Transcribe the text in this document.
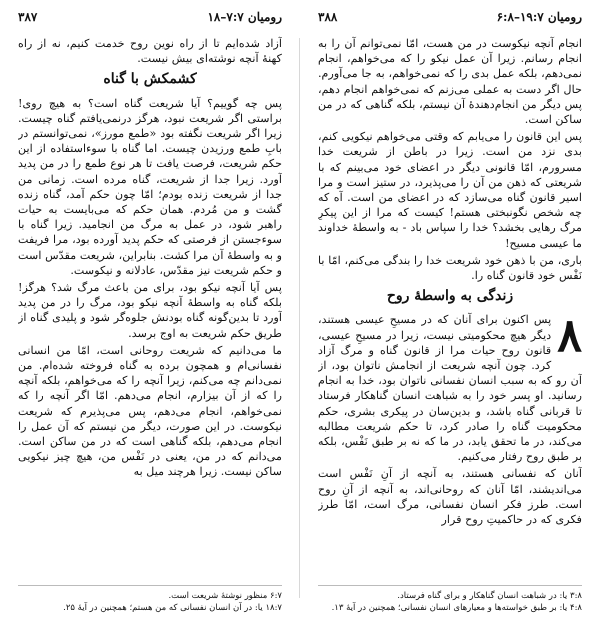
رومیان ۷:۷–۱۸
۳۸۷

آزاد شده‌ایم تا از راه نوین روح خدمت کنیم، نه از راه کهنهٔ آنچه نوشته‌ای بیش نیست.

کشمکش با گناه

پس چه گوییم؟ آیا شریعت گناه است؟ به هیچ روی! براستی اگر شریعت نبود، هرگز درنمی‌یافتم گناه چیست. زیرا اگر شریعت نگفته بود «طمع مورز»، نمی‌توانستم در بابِ طمع ورزیدن چیست. اما گناه با سوءاستفاده از این حکم شریعت، فرصت یافت تا هر نوع طمع را در من پدید آورد. زیرا جدا از شریعت، گناه مرده است. زمانی من جدا از شریعت زنده بودم؛ امّا چون حکم آمد، گناه زنده گشت و من مُردم. همان حکم که می‌بایست به حیات راهبر شود، در عمل به مرگ من انجامید. زیرا گناه با سوءجستن از فرصتی که حکم پدید آورده بود، مرا فریفت و به واسطهٔ آن مرا کشت. بنابراین، شریعت مقدّس است و حکم شریعت نیز مقدّس، عادلانه و نیکوست.

پس آیا آنچه نیکو بود، برای من باعث مرگ شد؟ هرگز! بلکه گناه به واسطهٔ آنچه نیکو بود، مرگ را در من پدید آورد تا بدین‌گونه گناه بودنش جلوه‌گر شود و پلیدی گناه از طریق حکم شریعت به اوج برسد.

ما می‌دانیم که شریعت روحانی است، امّا من انسانی نفسانی‌ام و همچون برده به گناه فروخته شده‌ام. من نمی‌دانم چه می‌کنم، زیرا آنچه را که می‌خواهم، بلکه آنچه را که از آن بیزارم، انجام می‌دهم. امّا اگر آنچه را که نمی‌خواهم، انجام می‌دهم، پس می‌پذیرم که شریعت نیکوست. در این صورت، دیگر من نیستم که آن عمل را انجام می‌دهم، بلکه گناهی است که در من ساکن است. می‌دانم که در من، یعنی در نَفْس من، هیچ چیز نیکویی ساکن نیست. زیرا هرچند میل به

۶:۷ منظور نوشتهٔ شریعت است.
۱۸:۷ یا: در آن انسان نفسانی که من هستم؛ همچنین در آیهٔ ۲۵.
رومیان ۱۹:۷–۶:۸
۳۸۸

انجام آنچه نیکوست در من هست، امّا نمی‌توانم آن را به انجام رسانم. زیرا آن عمل نیکو را که می‌خواهم، انجام نمی‌دهم، بلکه عمل بدی را که نمی‌خواهم، به جا می‌آورم. حال اگر دست به عملی می‌زنم که نمی‌خواهم انجام دهم، پس دیگر من انجام‌دهندهٔ آن نیستم، بلکه گناهی که در من ساکن است.

پس این قانون را می‌یابم که وقتی می‌خواهم نیکویی کنم، بدی نزد من است. زیرا در باطن از شریعت خدا مسرورم، امّا قانونی دیگر در اعضای خود می‌بینم که با شریعتی که ذهن من آن را می‌پذیرد، در ستیز است و مرا اسیر قانون گناه می‌سازد که در اعضای من است. آه که چه شخص نگونبختی هستم! کیست که مرا از این پیکرِ مرگ رهایی بخشد؟ خدا را سپاس باد - به واسطهٔ خداوند ما عیسی مسیح!

باری، من با ذهن خود شریعت خدا را بندگی می‌کنم، امّا با نَفْس خود قانون گناه را.

زندگی به واسطهٔ روح

۸
پس اکنون برای آنان که در مسیحِ عیسی هستند، دیگر هیچ محکومیتی نیست، زیرا در مسیحِ عیسی، قانون روح حیات مرا از قانون گناه و مرگ آزاد کرد. چون آنچه شریعت از انجامش ناتوان بود، از آن رو که به سبب انسان نفسانی ناتوان بود، خدا به انجام رسانید. او پسر خود را به شباهت انسان گناهکار فرستاد تا قربانی گناه باشد، و بدین‌سان در پیکری بشری، حکم محکومیت گناه را صادر کرد، تا حکم شریعت مطالبه می‌کند، در ما تحقق یابد، در ما که نه بر طبق نَفْس، بلکه بر طبق روح رفتار می‌کنیم.

آنان که نفسانی هستند، به آنچه از آنِ نَفْس است می‌اندیشند، امّا آنان که روحانی‌اند، به آنچه از آنِ روح است. طرز فکر انسان نفسانی، مرگ است، امّا طرز فکری که در حاکمیتِ روح قرار

۳:۸ یا: در شباهت انسان گناهکار و برای گناه فرستاد.
۴:۸ یا: بر طبق خواسته‌ها و معیارهای انسان نفسانی؛ همچنین در آیهٔ ۱۳.
